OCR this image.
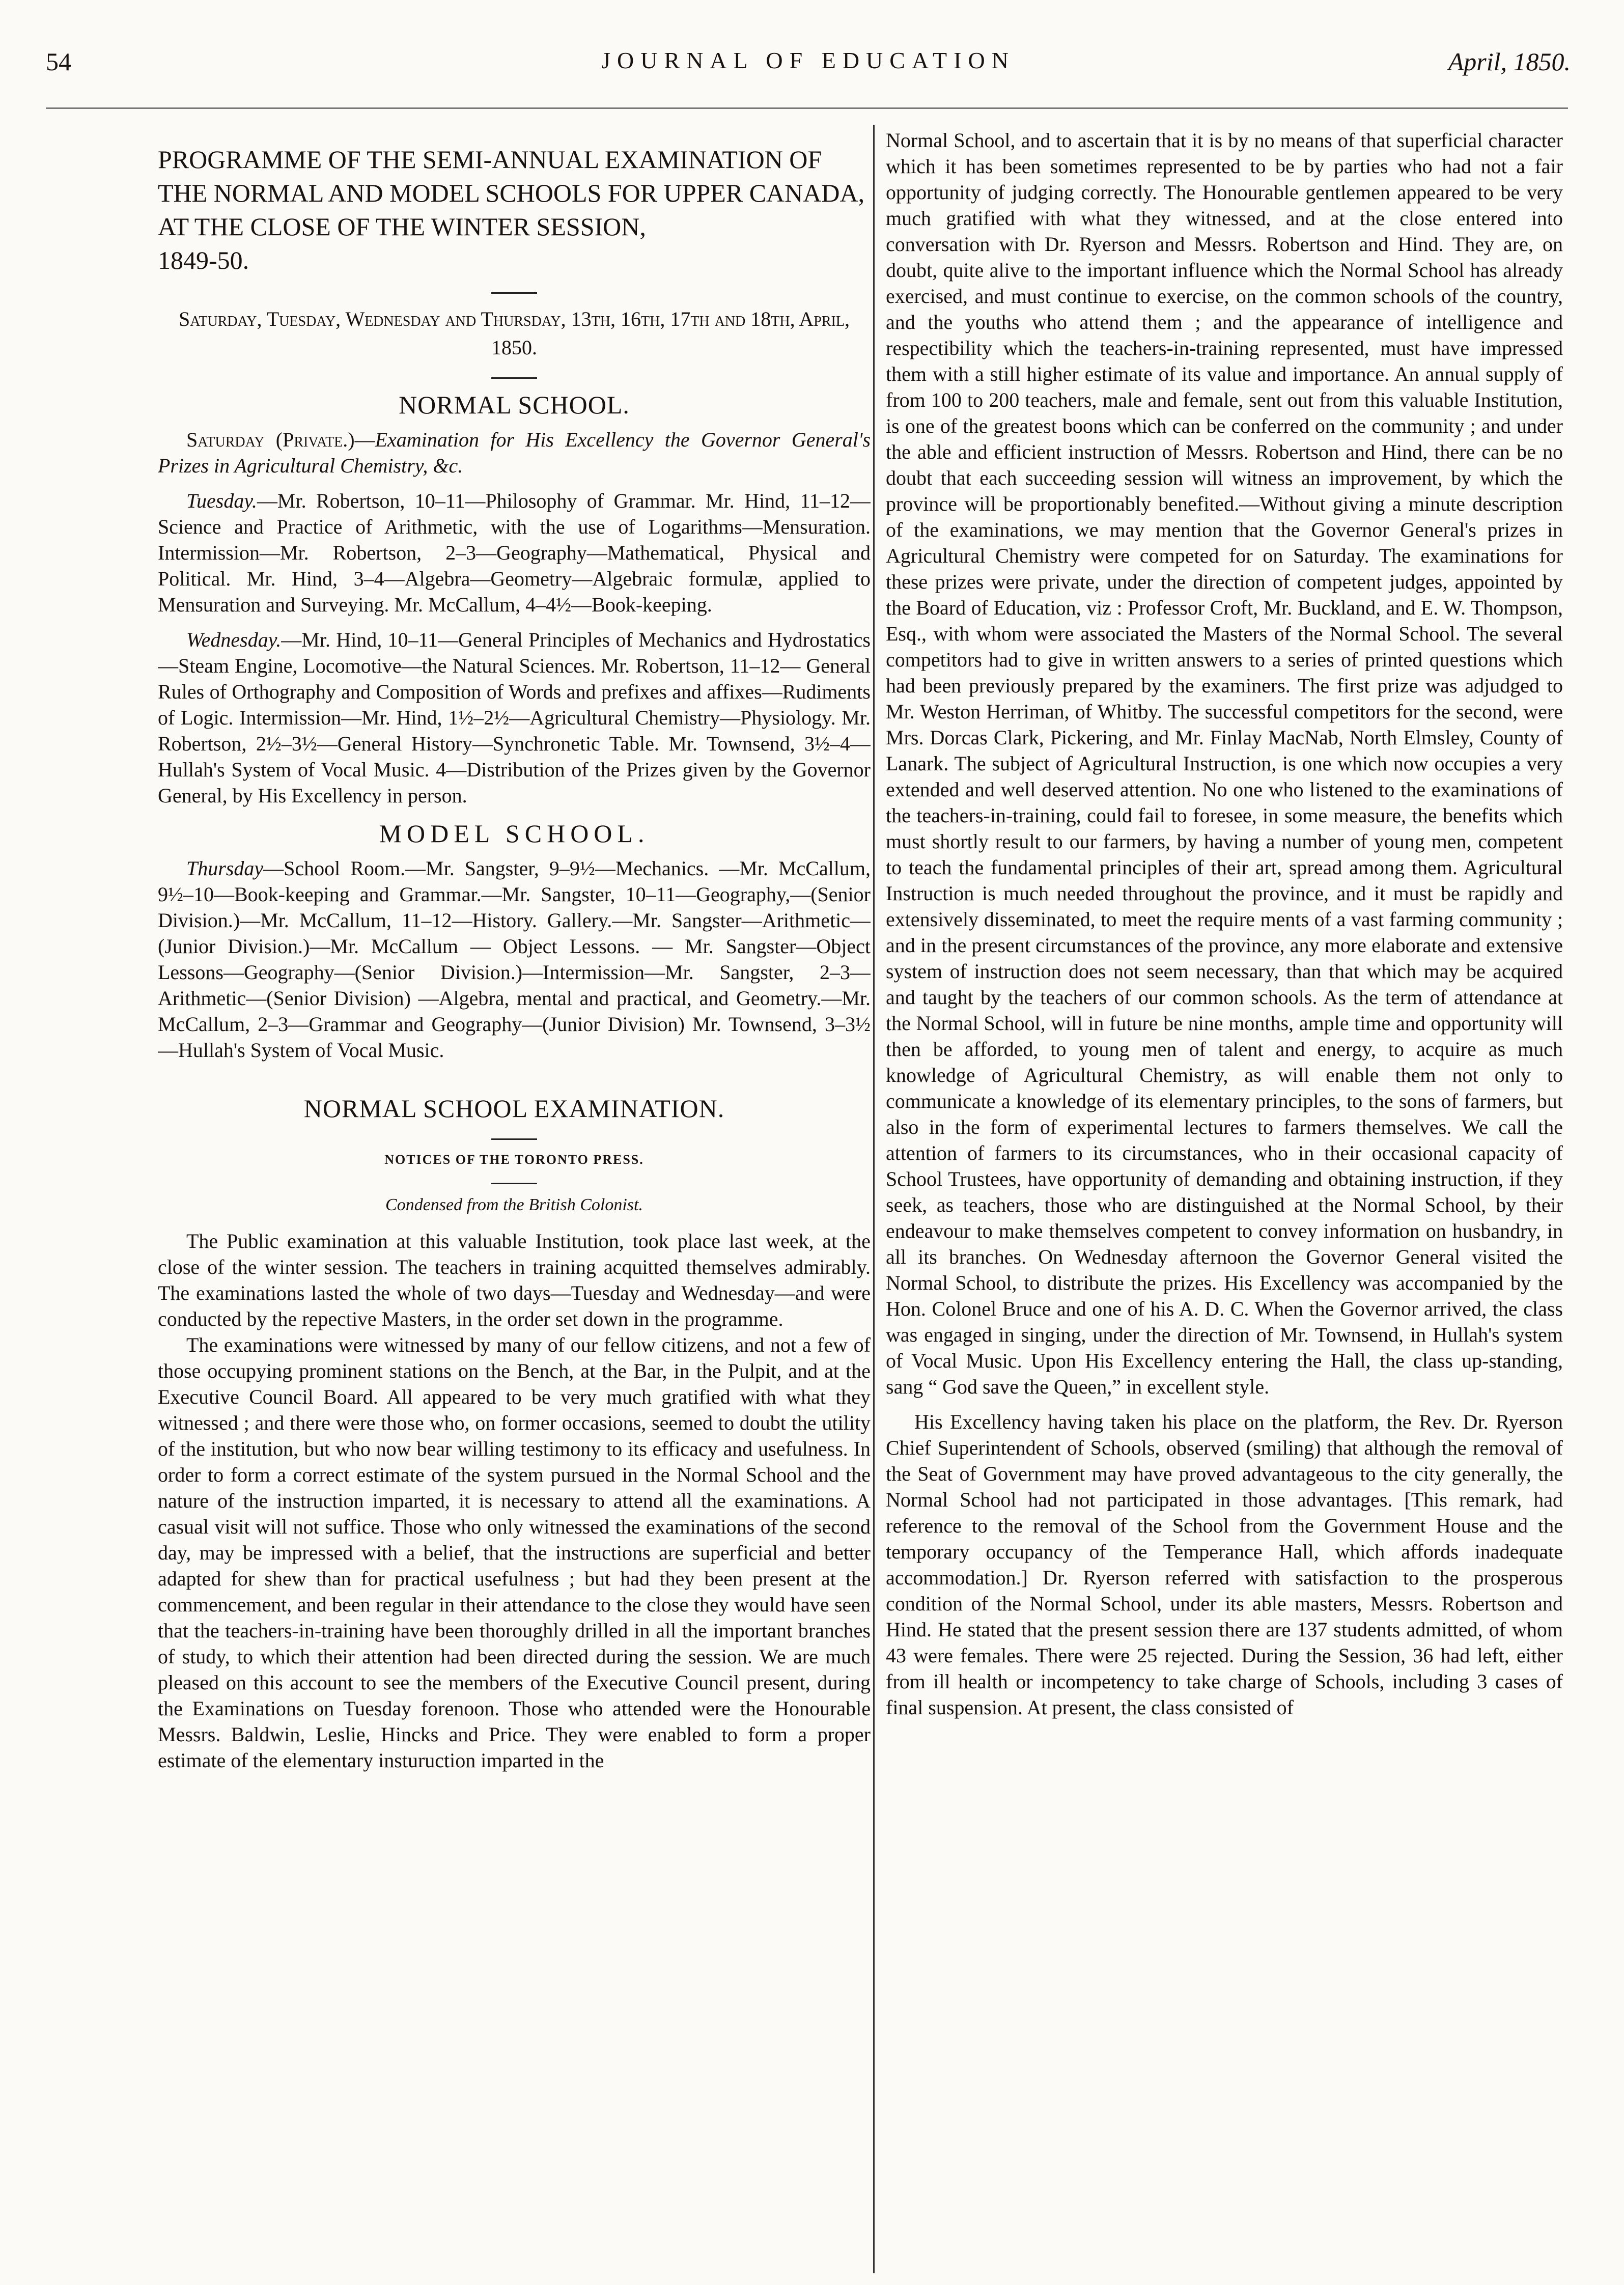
54	JOURNAL OF EDUCATION	April, 1850.

PROGRAMME OF THE SEMI-ANNUAL EXAMINATION OF THE NORMAL AND MODEL SCHOOLS FOR UPPER CANADA, AT THE CLOSE OF THE WINTER SESSION,
1849-50.

Saturday, Tuesday, Wednesday and Thursday, 13th, 16th, 17th and 18th, April, 1850.

NORMAL SCHOOL.

Saturday (Private.)—Examination for His Excellency the Governor General's Prizes in Agricultural Chemistry, &c.

Tuesday.—Mr. Robertson, 10–11—Philosophy of Grammar. Mr. Hind, 11–12—Science and Practice of Arithmetic, with the use of Logarithms—Mensuration. Intermission—Mr. Robertson, 2–3—Geography—Mathematical, Physical and Political. Mr. Hind, 3–4—Algebra—Geometry—Algebraic formulæ, applied to Mensuration and Surveying. Mr. McCallum, 4–4½—Book-keeping.

Wednesday.—Mr. Hind, 10–11—General Principles of Mechanics and Hydrostatics—Steam Engine, Locomotive—the Natural Sciences. Mr. Robertson, 11–12— General Rules of Orthography and Composition of Words and prefixes and affixes—Rudiments of Logic. Intermission—Mr. Hind, 1½–2½—Agricultural Chemistry—Physiology. Mr. Robertson, 2½–3½—General History—Synchronetic Table. Mr. Townsend, 3½–4—Hullah's System of Vocal Music. 4—Distribution of the Prizes given by the Governor General, by His Excellency in person.

MODEL SCHOOL.

Thursday—School Room.—Mr. Sangster, 9–9½—Mechanics. —Mr. McCallum, 9½–10—Book-keeping and Grammar.—Mr. Sangster, 10–11—Geography,—(Senior Division.)—Mr. McCallum, 11–12—History. Gallery.—Mr. Sangster—Arithmetic—(Junior Division.)—Mr. McCallum — Object Lessons. — Mr. Sangster—Object Lessons—Geography—(Senior Division.)—Intermission—Mr. Sangster, 2–3—Arithmetic—(Senior Division) —Algebra, mental and practical, and Geometry.—Mr. McCallum, 2–3—Grammar and Geography—(Junior Division) Mr. Townsend, 3–3½—Hullah's System of Vocal Music.

NORMAL SCHOOL EXAMINATION.

NOTICES OF THE TORONTO PRESS.

Condensed from the British Colonist.

The Public examination at this valuable Institution, took place last week, at the close of the winter session. The teachers in training acquitted themselves admirably. The examinations lasted the whole of two days—Tuesday and Wednesday—and were conducted by the repective Masters, in the order set down in the programme.

The examinations were witnessed by many of our fellow citizens, and not a few of those occupying prominent stations on the Bench, at the Bar, in the Pulpit, and at the Executive Council Board. All appeared to be very much gratified with what they witnessed ; and there were those who, on former occasions, seemed to doubt the utility of the institution, but who now bear willing testimony to its efficacy and usefulness. In order to form a correct estimate of the system pursued in the Normal School and the nature of the instruction imparted, it is necessary to attend all the examinations. A casual visit will not suffice. Those who only witnessed the examinations of the second day, may be impressed with a belief, that the instructions are superficial and better adapted for shew than for practical usefulness ; but had they been present at the commencement, and been regular in their attendance to the close they would have seen that the teachers-in-training have been thoroughly drilled in all the important branches of study, to which their attention had been directed during the session. We are much pleased on this account to see the members of the Executive Council present, during the Examinations on Tuesday forenoon. Those who attended were the Honourable Messrs. Baldwin, Leslie, Hincks and Price. They were enabled to form a proper estimate of the elementary insturuction imparted in the

Normal School, and to ascertain that it is by no means of that superficial character which it has been sometimes represented to be by parties who had not a fair opportunity of judging correctly. The Honourable gentlemen appeared to be very much gratified with what they witnessed, and at the close entered into conversation with Dr. Ryerson and Messrs. Robertson and Hind. They are, on doubt, quite alive to the important influence which the Normal School has already exercised, and must continue to exercise, on the common schools of the country, and the youths who attend them ; and the appearance of intelligence and respectibility which the teachers-in-training represented, must have impressed them with a still higher estimate of its value and importance. An annual supply of from 100 to 200 teachers, male and female, sent out from this valuable Institution, is one of the greatest boons which can be conferred on the community ; and under the able and efficient instruction of Messrs. Robertson and Hind, there can be no doubt that each succeeding session will witness an improvement, by which the province will be proportionably benefited.—Without giving a minute description of the examinations, we may mention that the Governor General's prizes in Agricultural Chemistry were competed for on Saturday. The examinations for these prizes were private, under the direction of competent judges, appointed by the Board of Education, viz : Professor Croft, Mr. Buckland, and E. W. Thompson, Esq., with whom were associated the Masters of the Normal School. The several competitors had to give in written answers to a series of printed questions which had been previously prepared by the examiners. The first prize was adjudged to Mr. Weston Herriman, of Whitby. The successful competitors for the second, were Mrs. Dorcas Clark, Pickering, and Mr. Finlay MacNab, North Elmsley, County of Lanark. The subject of Agricultural Instruction, is one which now occupies a very extended and well deserved attention. No one who listened to the examinations of the teachers-in-training, could fail to foresee, in some measure, the benefits which must shortly result to our farmers, by having a number of young men, competent to teach the fundamental principles of their art, spread among them. Agricultural Instruction is much needed throughout the province, and it must be rapidly and extensively disseminated, to meet the require ments of a vast farming community ; and in the present circumstances of the province, any more elaborate and extensive system of instruction does not seem necessary, than that which may be acquired and taught by the teachers of our common schools. As the term of attendance at the Normal School, will in future be nine months, ample time and opportunity will then be afforded, to young men of talent and energy, to acquire as much knowledge of Agricultural Chemistry, as will enable them not only to communicate a knowledge of its elementary principles, to the sons of farmers, but also in the form of experimental lectures to farmers themselves. We call the attention of farmers to its circumstances, who in their occasional capacity of School Trustees, have opportunity of demanding and obtaining instruction, if they seek, as teachers, those who are distinguished at the Normal School, by their endeavour to make themselves competent to convey information on husbandry, in all its branches. On Wednesday afternoon the Governor General visited the Normal School, to distribute the prizes. His Excellency was accompanied by the Hon. Colonel Bruce and one of his A. D. C. When the Governor arrived, the class was engaged in singing, under the direction of Mr. Townsend, in Hullah's system of Vocal Music. Upon His Excellency entering the Hall, the class up-standing, sang “ God save the Queen,” in excellent style.

His Excellency having taken his place on the platform, the Rev. Dr. Ryerson Chief Superintendent of Schools, observed (smiling) that although the removal of the Seat of Government may have proved advantageous to the city generally, the Normal School had not participated in those advantages. [This remark, had reference to the removal of the School from the Government House and the temporary occupancy of the Temperance Hall, which affords inadequate accommodation.] Dr. Ryerson referred with satisfaction to the prosperous condition of the Normal School, under its able masters, Messrs. Robertson and Hind. He stated that the present session there are 137 students admitted, of whom 43 were females. There were 25 rejected. During the Session, 36 had left, either from ill health or incompetency to take charge of Schools, including 3 cases of final suspension. At present, the class consisted of
